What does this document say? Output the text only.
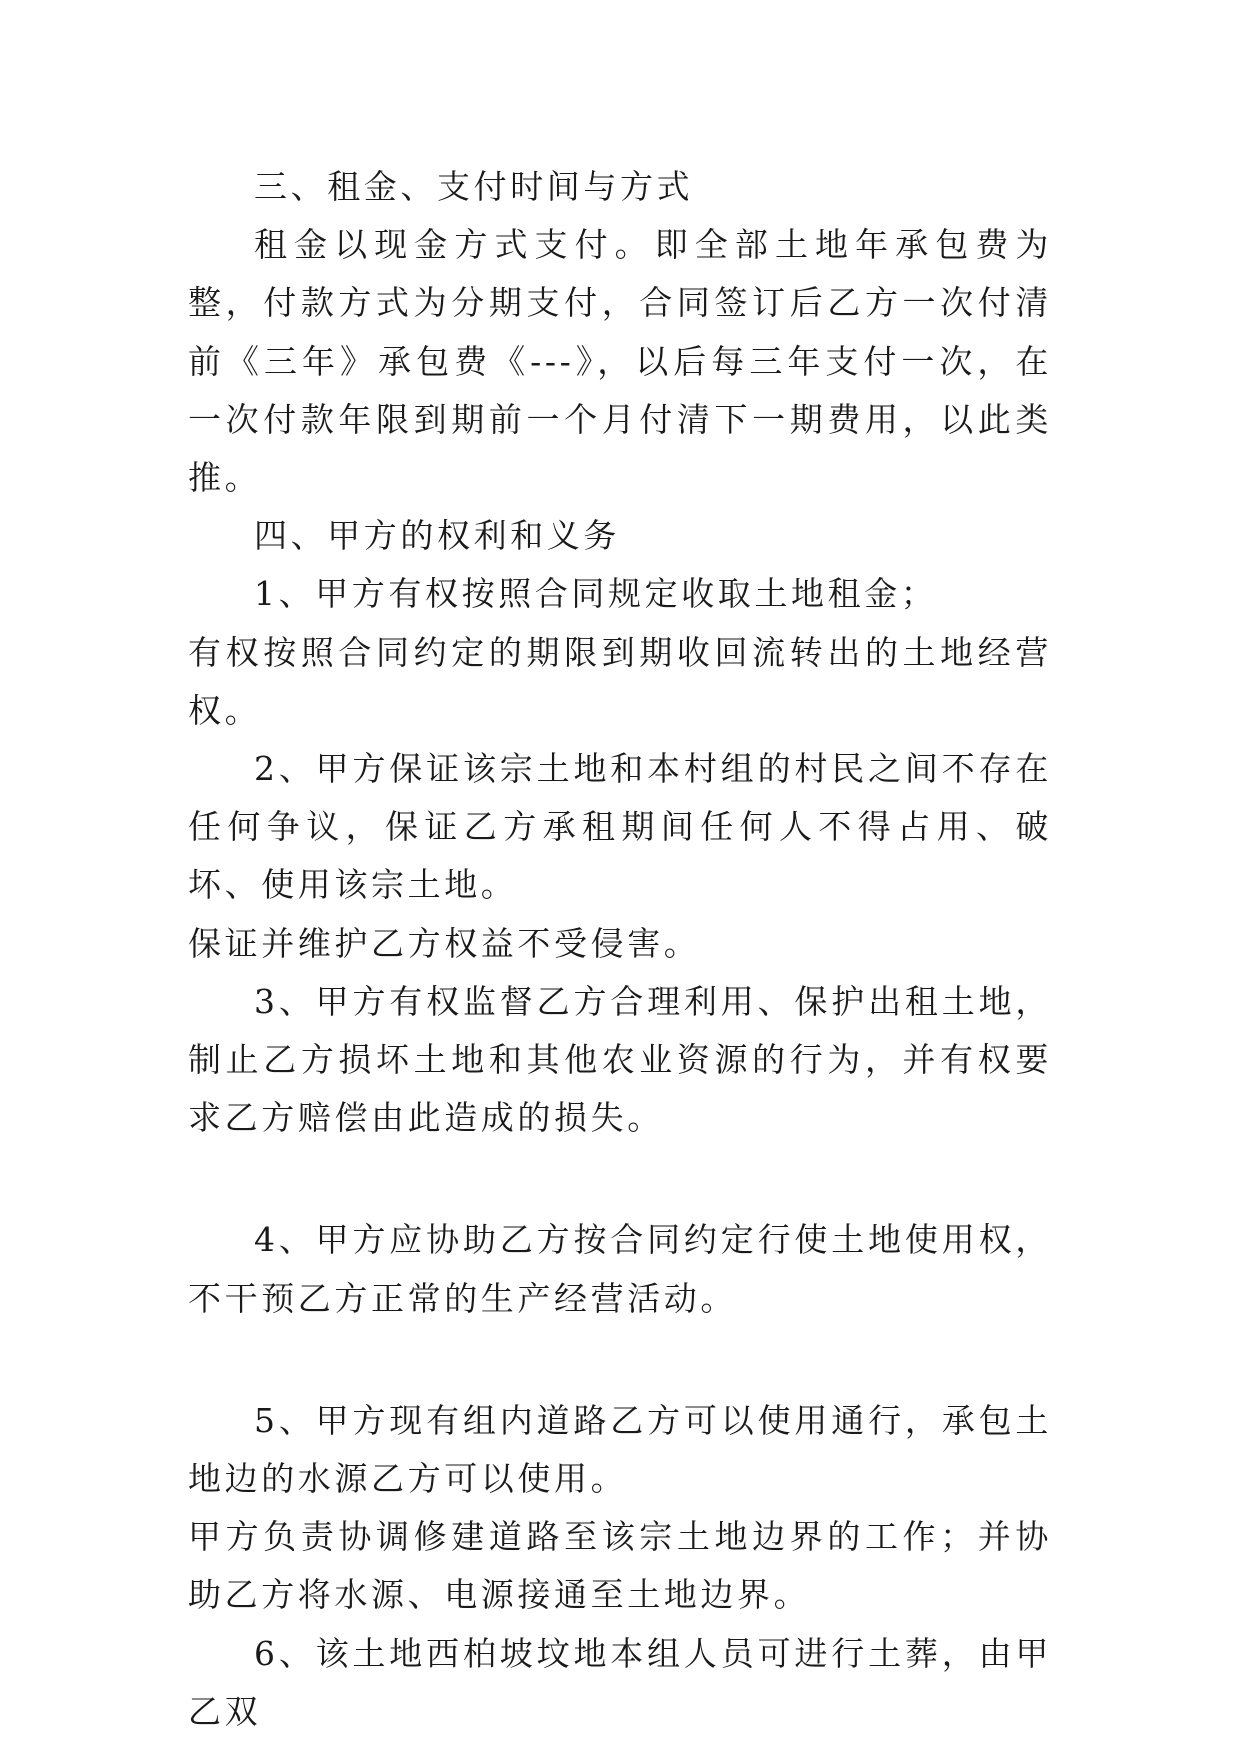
三、租金、支付时间与方式

租金以现金方式支付。即全部土地年承包费为 整，付款方式为分期支付，合同签订后乙方一次付清前《三年》承包费《---》，以后每三年支付一次，在一次付款年限到期前一个月付清下一期费用，以此类推。

四、甲方的权利和义务

1、甲方有权按照合同规定收取土地租金；

有权按照合同约定的期限到期收回流转出的土地经营权。

2、甲方保证该宗土地和本村组的村民之间不存在任何争议，保证乙方承租期间任何人不得占用、破坏、使用该宗土地。

保证并维护乙方权益不受侵害。

3、甲方有权监督乙方合理利用、保护出租土地，制止乙方损坏土地和其他农业资源的行为，并有权要求乙方赔偿由此造成的损失。

4、甲方应协助乙方按合同约定行使土地使用权，不干预乙方正常的生产经营活动。

5、甲方现有组内道路乙方可以使用通行，承包土地边的水源乙方可以使用。

甲方负责协调修建道路至该宗土地边界的工作；并协助乙方将水源、电源接通至土地边界。

6、该土地西柏坡坟地本组人员可进行土葬，由甲乙双
